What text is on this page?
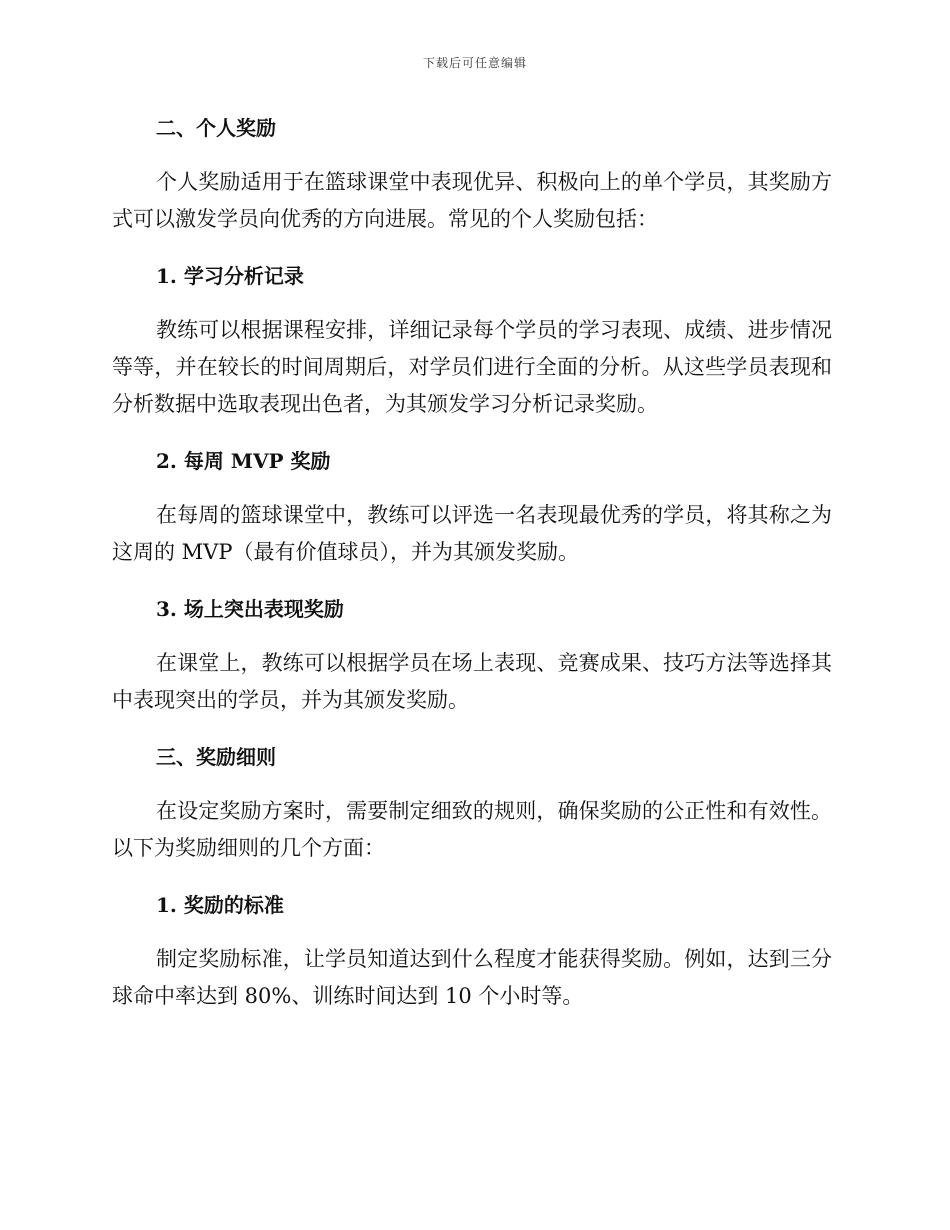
下载后可任意编辑
二、个人奖励

个人奖励适用于在篮球课堂中表现优异、积极向上的单个学员，其奖励方式可以激发学员向优秀的方向进展。常见的个人奖励包括：

1. 学习分析记录

教练可以根据课程安排，详细记录每个学员的学习表现、成绩、进步情况等等，并在较长的时间周期后，对学员们进行全面的分析。从这些学员表现和分析数据中选取表现出色者，为其颁发学习分析记录奖励。

2. 每周 MVP 奖励

在每周的篮球课堂中，教练可以评选一名表现最优秀的学员，将其称之为这周的 MVP（最有价值球员），并为其颁发奖励。

3. 场上突出表现奖励

在课堂上，教练可以根据学员在场上表现、竞赛成果、技巧方法等选择其中表现突出的学员，并为其颁发奖励。

三、奖励细则

在设定奖励方案时，需要制定细致的规则，确保奖励的公正性和有效性。以下为奖励细则的几个方面：

1. 奖励的标准

制定奖励标准，让学员知道达到什么程度才能获得奖励。例如，达到三分球命中率达到 80%、训练时间达到 10 个小时等。
